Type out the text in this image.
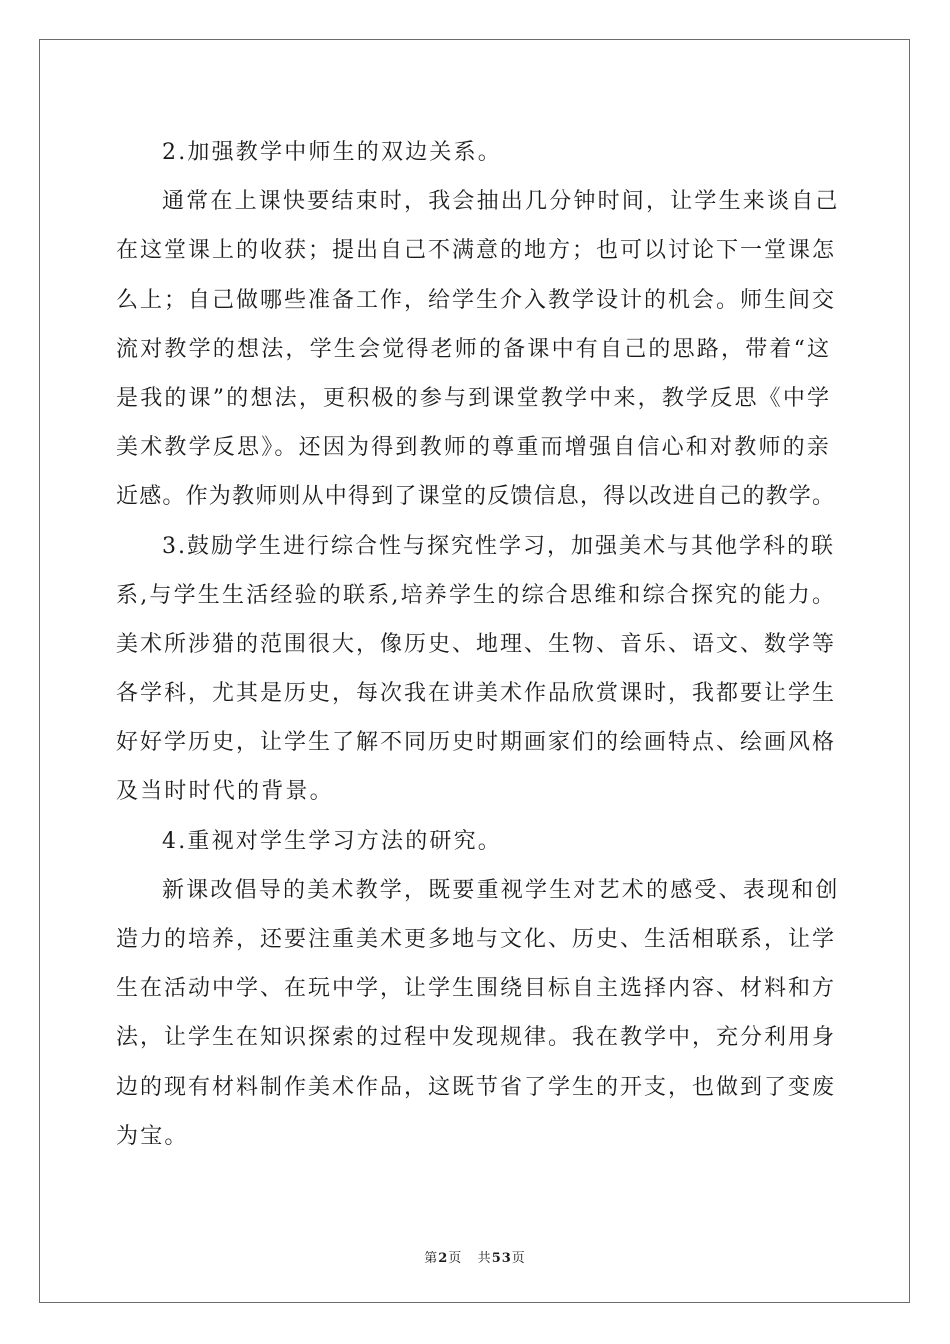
2.加强教学中师生的双边关系。
通常在上课快要结束时，我会抽出几分钟时间，让学生来谈自己
在这堂课上的收获；提出自己不满意的地方；也可以讨论下一堂课怎
么上；自己做哪些准备工作，给学生介入教学设计的机会。师生间交
流对教学的想法，学生会觉得老师的备课中有自己的思路，带着“这
是我的课”的想法，更积极的参与到课堂教学中来，教学反思《中学
美术教学反思》。还因为得到教师的尊重而增强自信心和对教师的亲
近感。作为教师则从中得到了课堂的反馈信息，得以改进自己的教学。
3.鼓励学生进行综合性与探究性学习，加强美术与其他学科的联
系,与学生生活经验的联系,培养学生的综合思维和综合探究的能力。
美术所涉猎的范围很大，像历史、地理、生物、音乐、语文、数学等
各学科，尤其是历史，每次我在讲美术作品欣赏课时，我都要让学生
好好学历史，让学生了解不同历史时期画家们的绘画特点、绘画风格
及当时时代的背景。
4.重视对学生学习方法的研究。
新课改倡导的美术教学，既要重视学生对艺术的感受、表现和创
造力的培养，还要注重美术更多地与文化、历史、生活相联系，让学
生在活动中学、在玩中学，让学生围绕目标自主选择内容、材料和方
法，让学生在知识探索的过程中发现规律。我在教学中，充分利用身
边的现有材料制作美术作品，这既节省了学生的开支，也做到了变废
为宝。
第2页 共53页
